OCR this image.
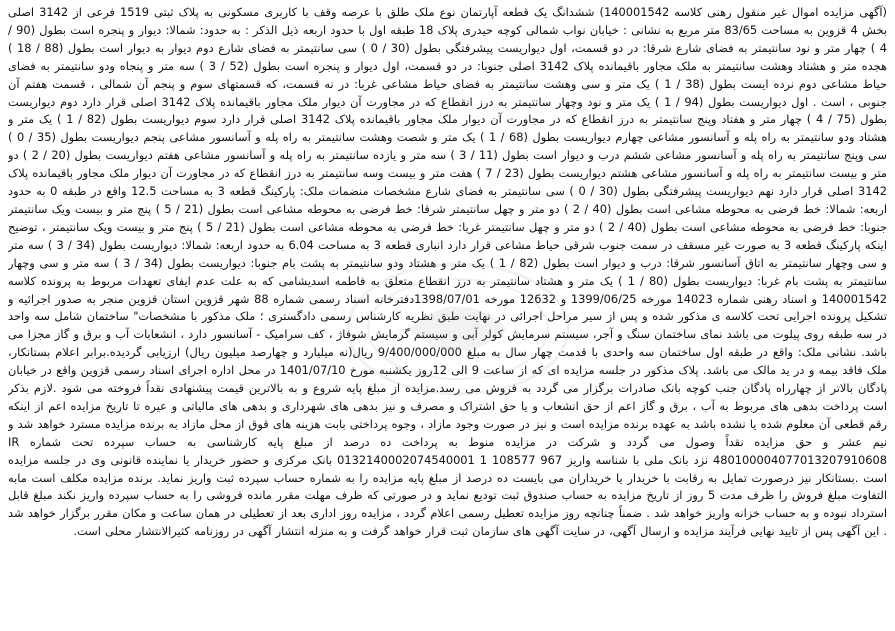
(آگهی مزایده اموال غیر منقول رهنی کلاسه 140001542) ششدانگ یک قطعه آپارتمان نوع ملک طلق با عرصه وقف با کاربری مسکونی به پلاک ثبتی 1519 فرعی از 3142 اصلی بخش 4 قزوین به مساحت 83/65 متر مربع به نشانی : خیابان نواب شمالی کوچه حیدری پلاک 18 طبقه اول با حدود اربعه ذیل الذکر : به حدود: شمالا: دیوار و پنجره است بطول (90 / 4 ) چهار متر و نود سانتیمتر به فضای شارع شرقا: در دو قسمت، اول دیواریست پیشرفتگی بطول (30 / 0 ) سی سانتیمتر به فضای شارع دوم دیوار به دیوار است بطول (88 / 18 ) هجده متر و هشتاد وهشت سانتیمتر به ملک مجاور باقیمانده پلاک 3142 اصلی جنوبا: در دو قسمت، اول دیوار و پنجره است بطول (52 / 3 ) سه متر و پنجاه ودو سانتیمتر به فضای حیاط مشاعی دوم نرده ایست بطول (38 / 1 ) یک متر و سی وهشت سانتیمتر به فضای حیاط مشاعی غربا: در نه قسمت، که قسمتهای سوم و پنجم آن شمالی ، قسمت هفتم آن جنوبی ، است . اول دیواریست بطول (94 / 1 ) یک متر و نود وچهار سانتیمتر به درز انقطاع که در مجاورت آن دیوار ملک مجاور باقیمانده پلاک 3142 اصلی قرار دارد دوم دیواریست بطول (75 / 4 ) چهار متر و هفتاد وپنج سانتیمتر به درز انقطاع که در مجاورت آن دیوار ملک مجاور باقیمانده پلاک 3142 اصلی قرار دارد سوم دیواریست بطول (82 / 1 ) یک متر و هشتاد ودو سانتیمتر به راه پله و آسانسور مشاعی چهارم دیواریست بطول (68 / 1 ) یک متر و شصت وهشت سانتیمتر به راه پله و آسانسور مشاعی پنجم دیواریست بطول (35 / 0 ) سی وپنج سانتیمتر به راه پله و آسانسور مشاعی ششم درب و دیوار است بطول (11 / 3 ) سه متر و یازده سانتیمتر به راه پله و آسانسور مشاعی هفتم دیواریست بطول (20 / 2 ) دو متر و بیست سانتیمتر به راه پله و آسانسور مشاعی هشتم دیواریست بطول (23 / 7 ) هفت متر و بیست وسه سانتیمتر به درز انقطاع که در مجاورت آن دیوار ملک مجاور باقیمانده پلاک 3142 اصلی قرار دارد نهم دیواریست پیشرفتگی بطول (30 / 0 ) سی سانتیمتر به فضای شارع مشخصات منضمات ملک: پارکینگ قطعه 3 به مساحت 12.5 واقع در طبقه 0 به حدود اربعه: شمالا: خط فرضی به محوطه مشاعی است بطول (40 / 2 ) دو متر و چهل سانتیمتر شرقا: خط فرضی به محوطه مشاعی است بطول (21 / 5 ) پنج متر و بیست ویک سانتیمتر جنوبا: خط فرضی به محوطه مشاعی است بطول (40 / 2 ) دو متر و چهل سانتیمتر غربا: خط فرضی به محوطه مشاعی است بطول (21 / 5 ) پنج متر و بیست ویک سانتیمتر ، توضیح اینکه پارکینگ قطعه 3 به صورت غیر مسقف در سمت جنوب شرقی حیاط مشاعی قرار دارد انباری قطعه 3 به مساحت 6.04 به حدود اربعه: شمالا: دیواریست بطول (34 / 3 ) سه متر و سی وچهار سانتیمتر به اتاق آسانسور شرقا: درب و دیوار است بطول (82 / 1 ) یک متر و هشتاد ودو سانتیمتر به پشت بام جنوبا: دیواریست بطول (34 / 3 ) سه متر و سی وچهار سانتیمتر به پشت بام غربا: دیواریست بطول (80 / 1 ) یک متر و هشتاد سانتیمتر به درز انقطاع متعلق به فاطمه اسدیشامی که به علت عدم ایفای تعهدات مربوط به پرونده کلاسه 140001542 و اسناد رهنی شماره 14023 مورخه 1399/06/25 و 12632 مورخه 1398/07/01دفترخانه اسناد رسمی شماره 88 شهر قزوین استان قزوین منجر به صدور اجرائیه و تشکیل پرونده اجرایی تحت کلاسه ی مذکور شده و پس از سیر مراحل اجرائی در نهایت طبق نظریه کارشناس رسمی دادگستری ؛ ملک مذکور با مشخصات" ساختمان شامل سه واحد در سه طبقه روی پیلوت می باشد نمای ساختمان سنگ و آجر، سیستم سرمایش کولر آبی و سیستم گرمایش شوفاژ ، کف سرامیک - آسانسور دارد ، انشعابات آب و برق و گاز مجزا می باشد. نشانی ملک: واقع در طبقه اول ساختمان سه واحدی با قدمت چهار سال به مبلغ 9/400/000/000 ریال(نه میلیارد و چهارصد میلیون ریال) ارزیابی گردیده.برابر اعلام بستانکار، ملک فاقد بیمه و در ید مالک می باشد. پلاک مذکور در جلسه مزایده ای که از ساعت 9 الی 12روز یکشنبه مورخ 1401/07/10 در محل اداره اجرای اسناد رسمی قزوین واقع در خیابان پادگان بالاتر از چهارراه پادگان جنب کوچه بانک صادرات برگزار می گردد به فروش می رسد.مزایده از مبلغ پایه شروع و به بالاترین قیمت پیشنهادی نقداً فروخته می شود .لازم بذکر است پرداخت بدهی های مربوط به آب ، برق و گاز اعم از حق انشعاب و یا حق اشتراک و مصرف و نیز بدهی های شهرداری و بدهی های مالیاتی و عیره تا تاریخ مزایده اعم از اینکه رقم قطعی آن معلوم شده یا نشده باشد به عهده برنده مزایده است و نیز در صورت وجود مازاد ، وجوه پرداختی بابت هزینه های قوق از محل مازاد به برنده مزایده مسترد خواهد شد و نیم عشر و حق مزایده نقداً وصول می گردد و شرکت در مزایده منوط به پرداخت ده درصد از مبلغ پایه کارشناسی به حساب سپرده تحت شماره IR 480100004077013207910608 نزد بانک ملی با شناسه واریز 967 108577 1 0132140002074540001 بانک مرکزی و حضور خریدار یا نماینده قانونی وی در جلسه مزایده است .بستانکار نیز درصورت تمایل به رقابت با خریدار یا خریداران می بایست ده درصد از مبلغ پایه مزایده را به شماره حساب سپرده ثبت واریز نماید. برنده مزایده مکلف است مابه التفاوت مبلغ فروش را ظرف مدت 5 روز از تاریخ مزایده به حساب صندوق ثبت تودیع نماید و در صورتی که ظرف مهلت مقرر مانده فروشی را به حساب سپرده واریز نکند مبلغ قابل استرداد نبوده و به حساب خزانه واریز خواهد شد . ضمناً چنانچه روز مزایده تعطیل رسمی اعلام گردد ، مزایده روز اداری بعد از تعطیلی در همان ساعت و مکان مقرر برگزار خواهد شد . این آگهی پس از تایید نهایی فرآیند مزایده و ارسال آگهی، در سایت آگهی های سازمان ثبت قرار خواهد گرفت و به منزله انتشار آگهی در روزنامه کثیرالانتشار محلی است.
